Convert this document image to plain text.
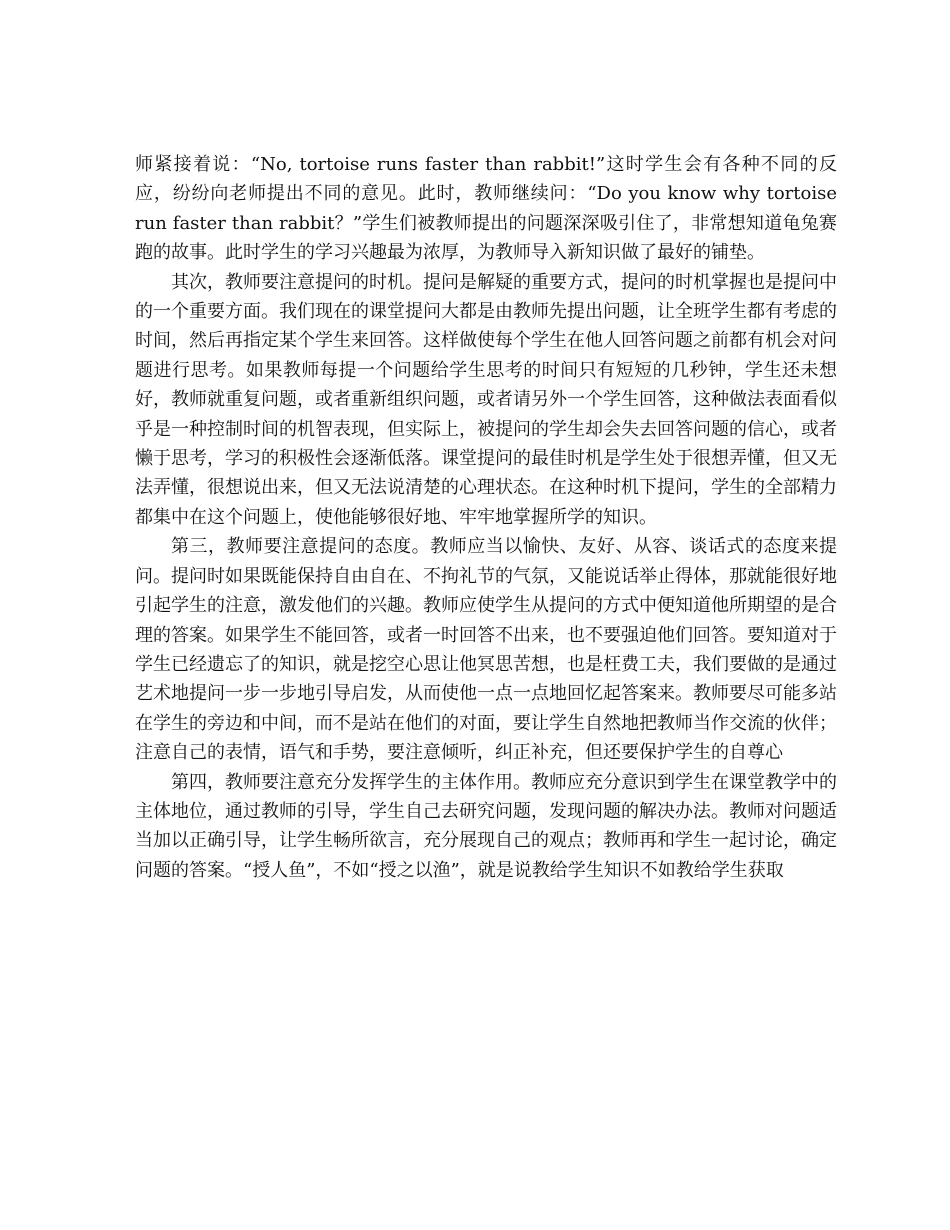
师紧接着说：“No, tortoise runs faster than rabbit!”这时学生会有各种不同的反应，纷纷向老师提出不同的意见。此时，教师继续问：“Do you know why tortoise run faster than rabbit？”学生们被教师提出的问题深深吸引住了，非常想知道龟兔赛跑的故事。此时学生的学习兴趣最为浓厚，为教师导入新知识做了最好的铺垫。

其次，教师要注意提问的时机。提问是解疑的重要方式，提问的时机掌握也是提问中的一个重要方面。我们现在的课堂提问大都是由教师先提出问题，让全班学生都有考虑的时间，然后再指定某个学生来回答。这样做使每个学生在他人回答问题之前都有机会对问题进行思考。如果教师每提一个问题给学生思考的时间只有短短的几秒钟，学生还未想好，教师就重复问题，或者重新组织问题，或者请另外一个学生回答，这种做法表面看似乎是一种控制时间的机智表现，但实际上，被提问的学生却会失去回答问题的信心，或者懒于思考，学习的积极性会逐渐低落。课堂提问的最佳时机是学生处于很想弄懂，但又无法弄懂，很想说出来，但又无法说清楚的心理状态。在这种时机下提问，学生的全部精力都集中在这个问题上，使他能够很好地、牢牢地掌握所学的知识。

第三，教师要注意提问的态度。教师应当以愉快、友好、从容、谈话式的态度来提问。提问时如果既能保持自由自在、不拘礼节的气氛，又能说话举止得体，那就能很好地引起学生的注意，激发他们的兴趣。教师应使学生从提问的方式中便知道他所期望的是合理的答案。如果学生不能回答，或者一时回答不出来，也不要强迫他们回答。要知道对于学生已经遗忘了的知识，就是挖空心思让他冥思苦想，也是枉费工夫，我们要做的是通过艺术地提问一步一步地引导启发，从而使他一点一点地回忆起答案来。教师要尽可能多站在学生的旁边和中间，而不是站在他们的对面，要让学生自然地把教师当作交流的伙伴；注意自己的表情，语气和手势，要注意倾听，纠正补充，但还要保护学生的自尊心

第四，教师要注意充分发挥学生的主体作用。教师应充分意识到学生在课堂教学中的主体地位，通过教师的引导，学生自己去研究问题，发现问题的解决办法。教师对问题适当加以正确引导，让学生畅所欲言，充分展现自己的观点；教师再和学生一起讨论，确定问题的答案。“授人鱼”，不如“授之以渔”，就是说教给学生知识不如教给学生获取
